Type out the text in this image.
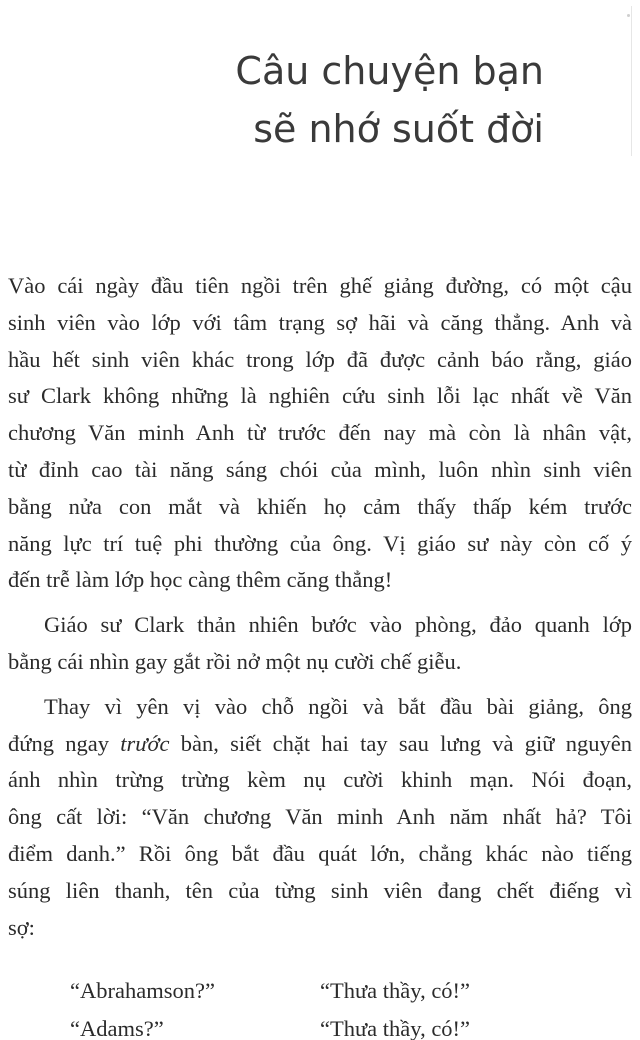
Câu chuyện bạn
sẽ nhớ suốt đời

Vào cái ngày đầu tiên ngồi trên ghế giảng đường, có một cậu
sinh viên vào lớp với tâm trạng sợ hãi và căng thẳng. Anh và
hầu hết sinh viên khác trong lớp đã được cảnh báo rằng, giáo
sư Clark không những là nghiên cứu sinh lỗi lạc nhất về Văn
chương Văn minh Anh từ trước đến nay mà còn là nhân vật,
từ đỉnh cao tài năng sáng chói của mình, luôn nhìn sinh viên
bằng nửa con mắt và khiến họ cảm thấy thấp kém trước
năng lực trí tuệ phi thường của ông. Vị giáo sư này còn cố ý
đến trễ làm lớp học càng thêm căng thẳng!

Giáo sư Clark thản nhiên bước vào phòng, đảo quanh lớp
bằng cái nhìn gay gắt rồi nở một nụ cười chế giễu.

Thay vì yên vị vào chỗ ngồi và bắt đầu bài giảng, ông
đứng ngay trước bàn, siết chặt hai tay sau lưng và giữ nguyên
ánh nhìn trừng trừng kèm nụ cười khinh mạn. Nói đoạn,
ông cất lời: “Văn chương Văn minh Anh năm nhất hả? Tôi
điểm danh.” Rồi ông bắt đầu quát lớn, chẳng khác nào tiếng
súng liên thanh, tên của từng sinh viên đang chết điếng vì
sợ:

“Abrahamson?”	“Thưa thầy, có!”
“Adams?”	“Thưa thầy, có!”
